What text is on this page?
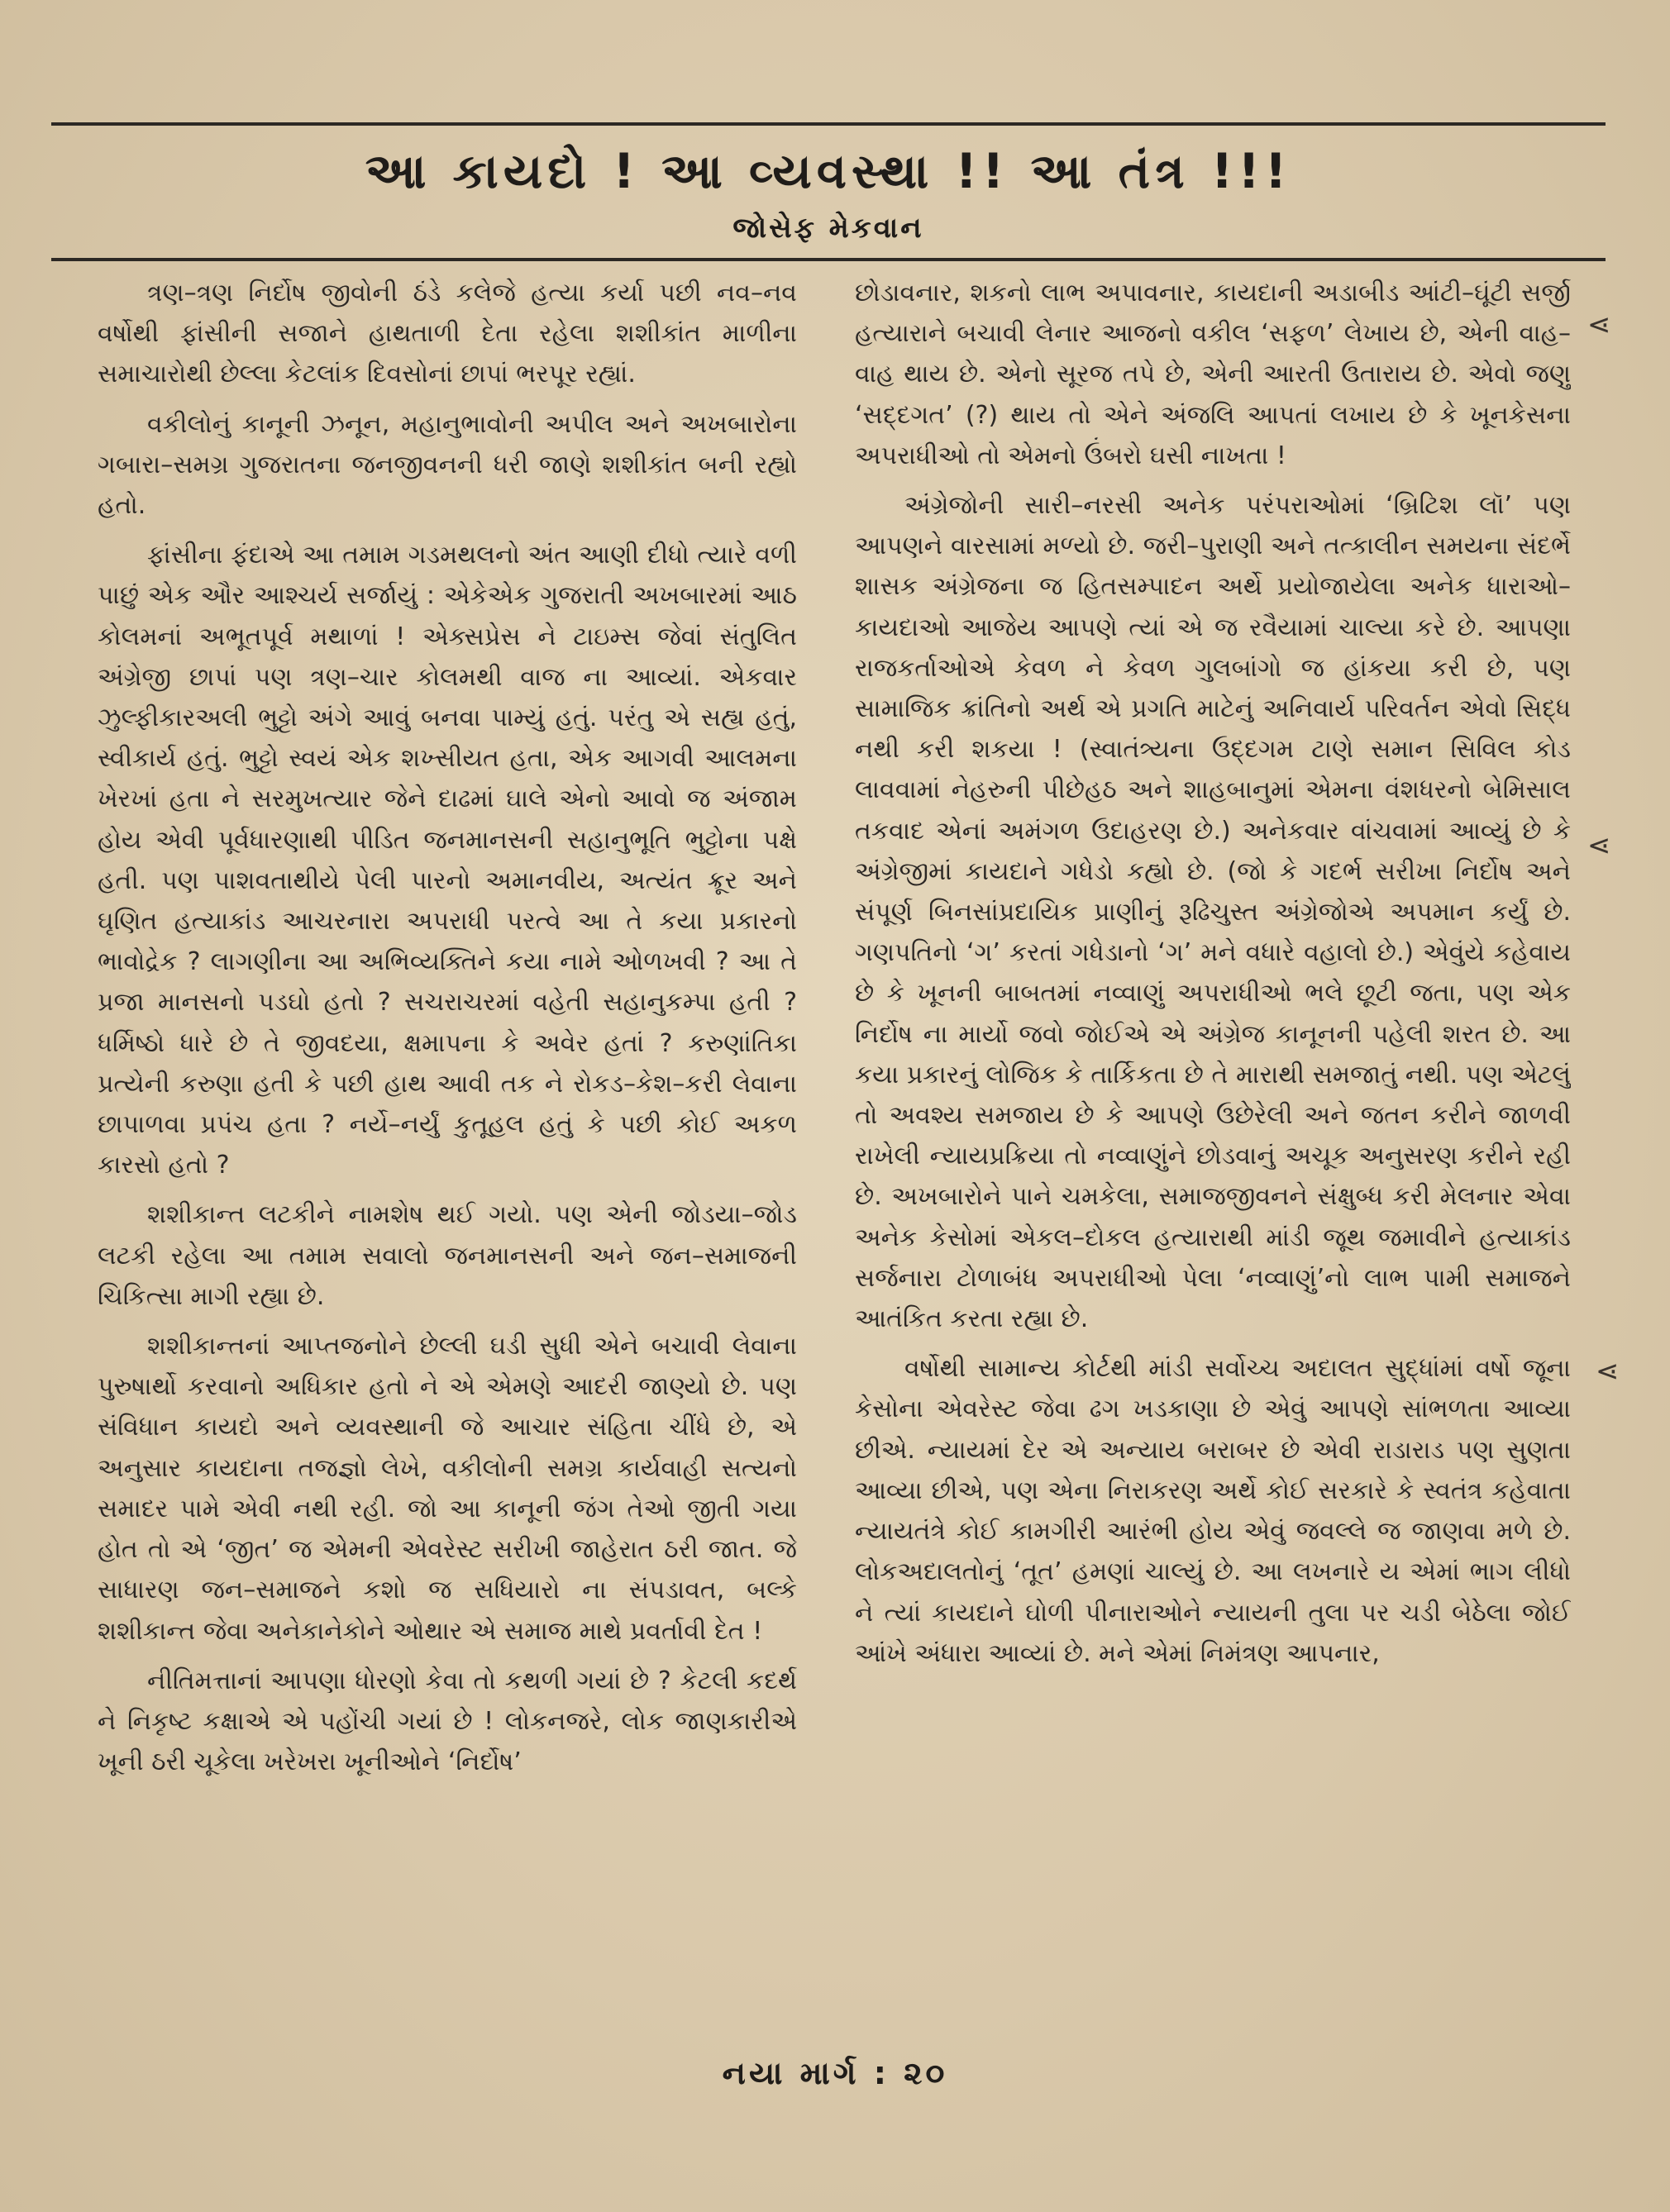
આ કાયદો ! આ વ્યવસ્થા !! આ તંત્ર !!!
જોસેફ મેકવાન

ત્રણ–ત્રણ નિર્દોષ જીવોની ઠંડે કલેજે હત્યા કર્યા પછી નવ–નવ વર્ષોથી ફાંસીની સજાને હાથતાળી દેતા રહેલા શશીકાંત માળીના સમાચારોથી છેલ્લા કેટલાંક દિવસોનાં છાપાં ભરપૂર રહ્યાં.

વકીલોનું કાનૂની ઝનૂન, મહાનુભાવોની અપીલ અને અખબારોના ગબારા–સમગ્ર ગુજરાતના જનજીવનની ધરી જાણે શશીકાંત બની રહ્યો હતો.

ફાંસીના ફંદાએ આ તમામ ગડમથલનો અંત આણી દીધો ત્યારે વળી પાછું એક ઔર આશ્ચર્ય સર્જાયું : એકેએક ગુજરાતી અખબારમાં આઠ કોલમનાં અભૂતપૂર્વ મથાળાં ! એક્સપ્રેસ ને ટાઇમ્સ જેવાં સંતુલિત અંગ્રેજી છાપાં પણ ત્રણ–ચાર કોલમથી વાજ ના આવ્યાં. એકવાર ઝુલ્ફીકારઅલી ભુટ્ટો અંગે આવું બનવા પામ્યું હતું. પરંતુ એ સહ્ય હતું, સ્વીકાર્ય હતું. ભુટ્ટો સ્વયં એક શખ્સીયત હતા, એક આગવી આલમના ખેરખાં હતા ને સરમુખત્યાર જેને દાઢમાં ઘાલે એનો આવો જ અંજામ હોય એવી પૂર્વધારણાથી પીડિત જનમાનસની સહાનુભૂતિ ભુટ્ટોના પક્ષે હતી. પણ પાશવતાથીયે પેલી પારનો અમાનવીય, અત્યંત ક્રૂર અને ઘૃણિત હત્યાકાંડ આચરનારા અપરાધી પરત્વે આ તે કયા પ્રકારનો ભાવોદ્રેક ? લાગણીના આ અભિવ્યક્તિને કયા નામે ઓળખવી ? આ તે પ્રજા માનસનો પડઘો હતો ? સચરાચરમાં વહેતી સહાનુકમ્પા હતી ? ધર્મિષ્ઠો ધારે છે તે જીવદયા, ક્ષમાપના કે અવેર હતાં ? કરુણાંતિકા પ્રત્યેની કરુણા હતી કે પછી હાથ આવી તક ને રોકડ–કેશ–કરી લેવાના છાપાળવા પ્રપંચ હતા ? નર્યે–નર્યું કુતૂહલ હતું કે પછી કોઈ અકળ કારસો હતો ?

શશીકાન્ત લટકીને નામશેષ થઈ ગયો. પણ એની જોડયા–જોડ લટકી રહેલા આ તમામ સવાલો જનમાનસની અને જન–સમાજની ચિકિત્સા માગી રહ્યા છે.

શશીકાન્તનાં આપ્તજનોને છેલ્લી ઘડી સુધી એને બચાવી લેવાના પુરુષાર્થો કરવાનો અધિકાર હતો ને એ એમણે આદરી જાણ્યો છે. પણ સંવિધાન કાયદો અને વ્યવસ્થાની જે આચાર સંહિતા ચીંધે છે, એ અનુસાર કાયદાના તજજ્ઞો લેખે, વકીલોની સમગ્ર કાર્યવાહી સત્યનો સમાદર પામે એવી નથી રહી. જો આ કાનૂની જંગ તેઓ જીતી ગયા હોત તો એ ‘જીત’ જ એમની એવરેસ્ટ સરીખી જાહેરાત ઠરી જાત. જે સાધારણ જન–સમાજને કશો જ સધિયારો ના સંપડાવત, બલ્કે શશીકાન્ત જેવા અનેકાનેકોને ઓથાર એ સમાજ માથે પ્રવર્તાવી દેત !

નીતિમત્તાનાં આપણા ધોરણો કેવા તો કથળી ગયાં છે ? કેટલી કદર્થ ને નિકૃષ્ટ કક્ષાએ એ પહોંચી ગયાં છે ! લોકનજરે, લોક જાણકારીએ ખૂની ઠરી ચૂકેલા ખરેખરા ખૂનીઓને ‘નિર્દોષ’

છોડાવનાર, શકનો લાભ અપાવનાર, કાયદાની અડાબીડ આંટી–ઘૂંટી સર્જી હત્યારાને બચાવી લેનાર આજનો વકીલ ‘સફળ’ લેખાય છે, એની વાહ–વાહ થાય છે. એનો સૂરજ તપે છે, એની આરતી ઉતારાય છે. એવો જણુ ‘સદ્દગત’ (?) થાય તો એને અંજલિ આપતાં લખાય છે કે ખૂનકેસના અપરાધીઓ તો એમનો ઉંબરો ઘસી નાખતા !

અંગ્રેજોની સારી–નરસી અનેક પરંપરાઓમાં ‘બ્રિટિશ લૉ’ પણ આપણને વારસામાં મળ્યો છે. જરી–પુરાણી અને તત્કાલીન સમયના સંદર્ભે શાસક અંગ્રેજના જ હિતસમ્પાદન અર્થે પ્રયોજાયેલા અનેક ધારાઓ–કાયદાઓ આજેય આપણે ત્યાં એ જ રવૈયામાં ચાલ્યા કરે છે. આપણા રાજકર્તાઓએ કેવળ ને કેવળ ગુલબાંગો જ હાંકયા કરી છે, પણ સામાજિક ક્રાંતિનો અર્થ એ પ્રગતિ માટેનું અનિવાર્ય પરિવર્તન એવો સિદ્ધ નથી કરી શકયા ! (સ્વાતંત્ર્યના ઉદ્દગમ ટાણે સમાન સિવિલ કોડ લાવવામાં નેહરુની પીછેહઠ અને શાહબાનુમાં એમના વંશધરનો બેમિસાલ તકવાદ એનાં અમંગળ ઉદાહરણ છે.) અનેકવાર વાંચવામાં આવ્યું છે કે અંગ્રેજીમાં કાયદાને ગધેડો કહ્યો છે. (જો કે ગદર્ભ સરીખા નિર્દોષ અને સંપૂર્ણ બિનસાંપ્રદાયિક પ્રાણીનું રૂઢિચુસ્ત અંગ્રેજોએ અપમાન કર્યું છે. ગણપતિનો ‘ગ’ કરતાં ગધેડાનો ‘ગ’ મને વધારે વહાલો છે.) એવુંયે કહેવાય છે કે ખૂનની બાબતમાં નવ્વાણું અપરાધીઓ ભલે છૂટી જતા, પણ એક નિર્દોષ ના માર્યો જવો જોઈએ એ અંગ્રેજ કાનૂનની પહેલી શરત છે. આ કયા પ્રકારનું લોજિક કે તાર્કિકતા છે તે મારાથી સમજાતું નથી. પણ એટલું તો અવશ્ય સમજાય છે કે આપણે ઉછેરેલી અને જતન કરીને જાળવી રાખેલી ન્યાયપ્રક્રિયા તો નવ્વાણુંને છોડવાનું અચૂક અનુસરણ કરીને રહી છે. અખબારોને પાને ચમકેલા, સમાજજીવનને સંક્ષુબ્ધ કરી મેલનાર એવા અનેક કેસોમાં એકલ–દોકલ હત્યારાથી માંડી જૂથ જમાવીને હત્યાકાંડ સર્જનારા ટોળાબંધ અપરાધીઓ પેલા ‘નવ્વાણું’નો લાભ પામી સમાજને આતંકિત કરતા રહ્યા છે.

વર્ષોથી સામાન્ય કોર્ટથી માંડી સર્વોચ્ચ અદાલત સુદ્ધાંમાં વર્ષો જૂના કેસોના એવરેસ્ટ જેવા ઢગ ખડકાણા છે એવું આપણે સાંભળતા આવ્યા છીએ. ન્યાયમાં દેર એ અન્યાય બરાબર છે એવી રાડારાડ પણ સુણતા આવ્યા છીએ, પણ એના નિરાકરણ અર્થે કોઈ સરકારે કે સ્વતંત્ર કહેવાતા ન્યાયતંત્રે કોઈ કામગીરી આરંભી હોય એવું જવલ્લે જ જાણવા મળે છે. લોકઅદાલતોનું ‘તૂત’ હમણાં ચાલ્યું છે. આ લખનારે ય એમાં ભાગ લીધો ને ત્યાં કાયદાને ઘોળી પીનારાઓને ન્યાયની તુલા પર ચડી બેઠેલા જોઈ આંખે અંધારા આવ્યાં છે. મને એમાં નિમંત્રણ આપનાર,

⋖
⋖
⋖
નયા માર્ગ : ૨૦
